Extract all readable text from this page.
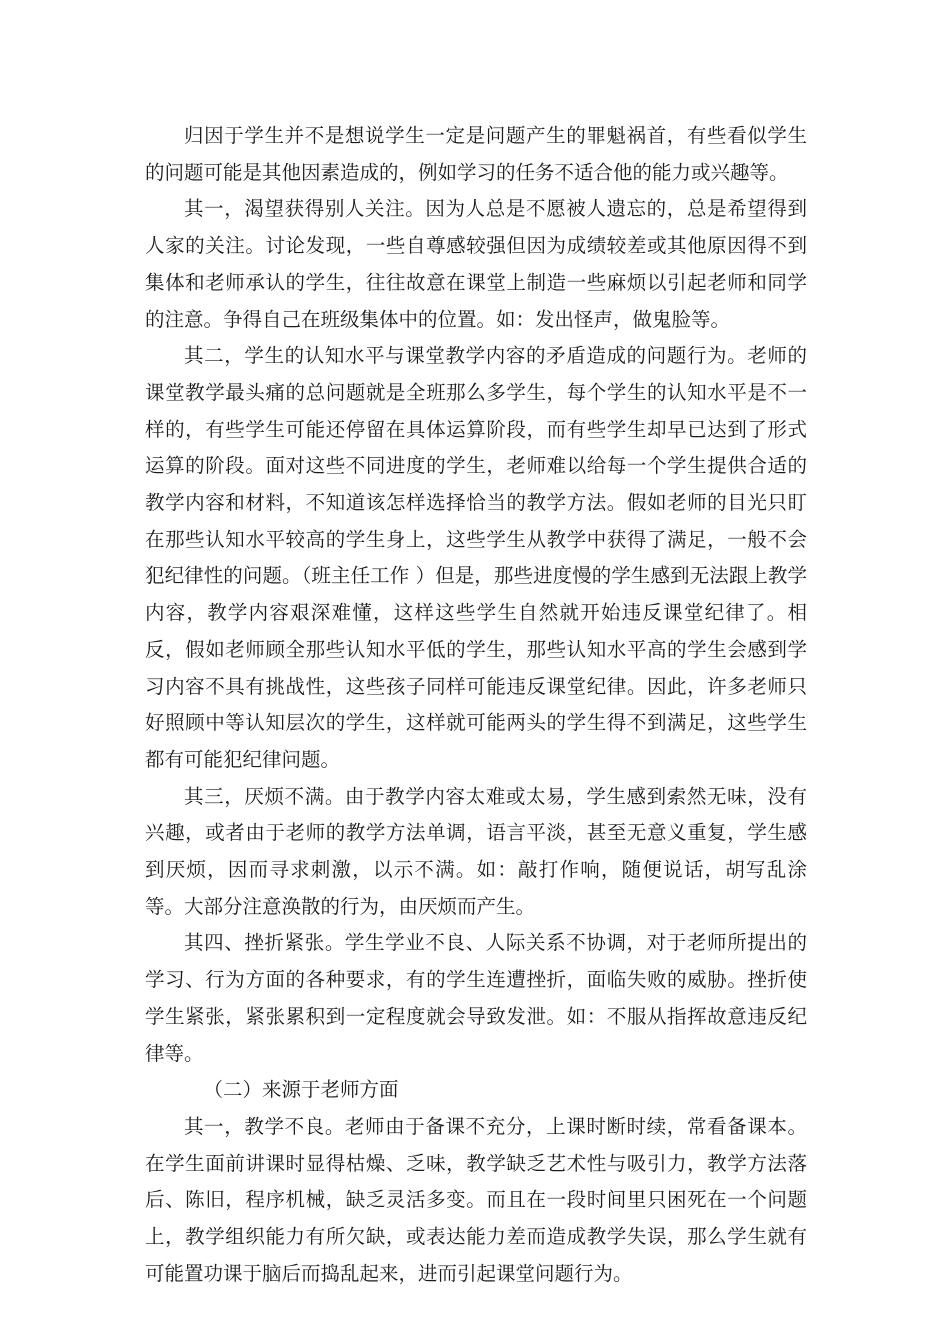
归因于学生并不是想说学生一定是问题产生的罪魁祸首，有些看似学生的问题可能是其他因素造成的，例如学习的任务不适合他的能力或兴趣等。

其一，渴望获得别人关注。因为人总是不愿被人遗忘的，总是希望得到人家的关注。讨论发现，一些自尊感较强但因为成绩较差或其他原因得不到集体和老师承认的学生，往往故意在课堂上制造一些麻烦以引起老师和同学的注意。争得自己在班级集体中的位置。如：发出怪声，做鬼脸等。

其二，学生的认知水平与课堂教学内容的矛盾造成的问题行为。老师的课堂教学最头痛的总问题就是全班那么多学生，每个学生的认知水平是不一样的，有些学生可能还停留在具体运算阶段，而有些学生却早已达到了形式运算的阶段。面对这些不同进度的学生，老师难以给每一个学生提供合适的教学内容和材料，不知道该怎样选择恰当的教学方法。假如老师的目光只盯在那些认知水平较高的学生身上，这些学生从教学中获得了满足，一般不会犯纪律性的问题。（班主任工作 ）但是，那些进度慢的学生感到无法跟上教学内容，教学内容艰深难懂，这样这些学生自然就开始违反课堂纪律了。相反，假如老师顾全那些认知水平低的学生，那些认知水平高的学生会感到学习内容不具有挑战性，这些孩子同样可能违反课堂纪律。因此，许多老师只好照顾中等认知层次的学生，这样就可能两头的学生得不到满足，这些学生都有可能犯纪律问题。

其三，厌烦不满。由于教学内容太难或太易，学生感到索然无味，没有兴趣，或者由于老师的教学方法单调，语言平淡，甚至无意义重复，学生感到厌烦，因而寻求刺激，以示不满。如：敲打作响，随便说话，胡写乱涂等。大部分注意涣散的行为，由厌烦而产生。

其四、挫折紧张。学生学业不良、人际关系不协调，对于老师所提出的学习、行为方面的各种要求，有的学生连遭挫折，面临失败的威胁。挫折使学生紧张，紧张累积到一定程度就会导致发泄。如：不服从指挥故意违反纪律等。

（二）来源于老师方面

其一，教学不良。老师由于备课不充分，上课时断时续，常看备课本。在学生面前讲课时显得枯燥、乏味，教学缺乏艺术性与吸引力，教学方法落后、陈旧，程序机械，缺乏灵活多变。而且在一段时间里只困死在一个问题上，教学组织能力有所欠缺，或表达能力差而造成教学失误，那么学生就有可能置功课于脑后而捣乱起来，进而引起课堂问题行为。
